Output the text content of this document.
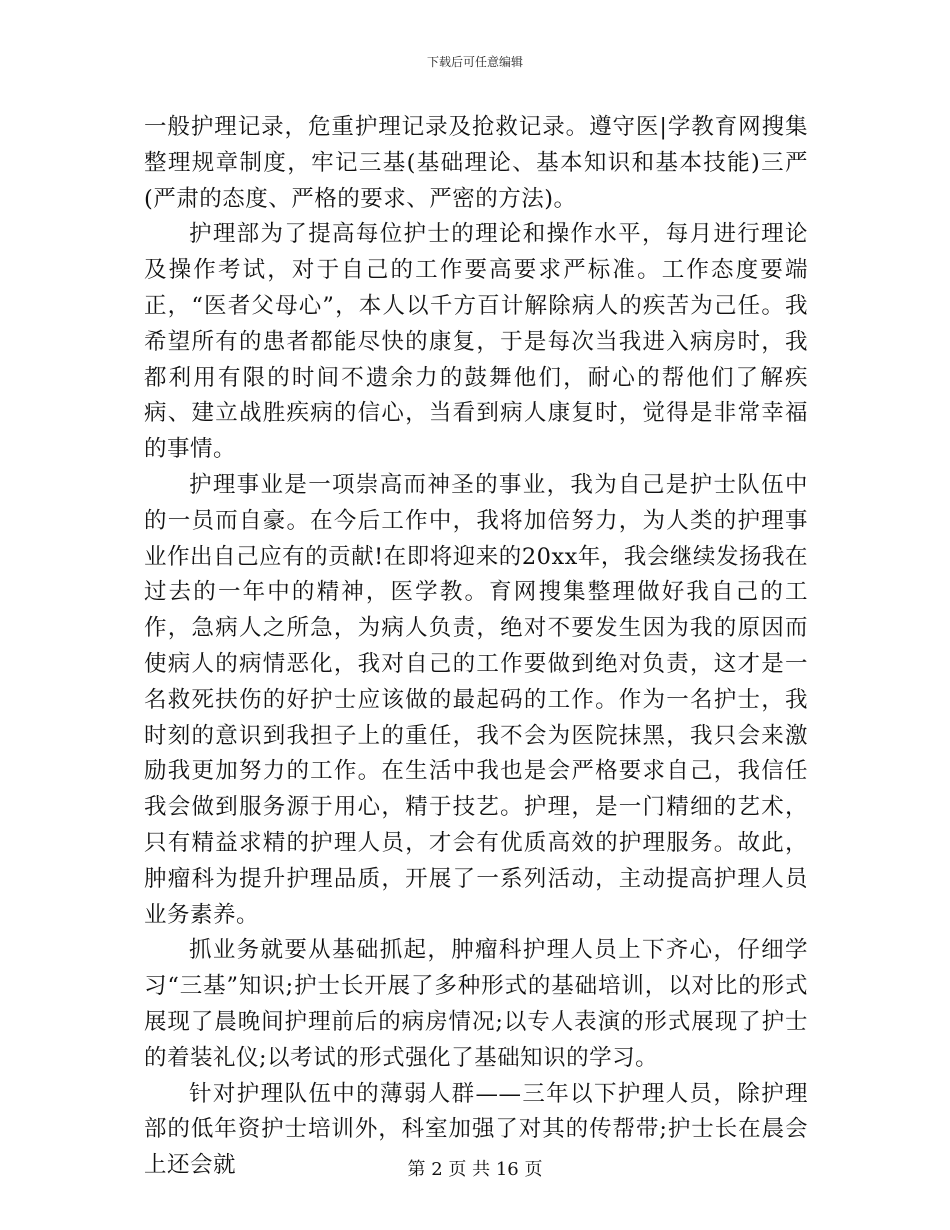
下载后可任意编辑

一般护理记录，危重护理记录及抢救记录。遵守医|学教育网搜集整理规章制度，牢记三基(基础理论、基本知识和基本技能)三严(严肃的态度、严格的要求、严密的方法)。

护理部为了提高每位护士的理论和操作水平，每月进行理论及操作考试，对于自己的工作要高要求严标准。工作态度要端正，“医者父母心”，本人以千方百计解除病人的疾苦为己任。我希望所有的患者都能尽快的康复，于是每次当我进入病房时，我都利用有限的时间不遗余力的鼓舞他们，耐心的帮他们了解疾病、建立战胜疾病的信心，当看到病人康复时，觉得是非常幸福的事情。

护理事业是一项崇高而神圣的事业，我为自己是护士队伍中的一员而自豪。在今后工作中，我将加倍努力，为人类的护理事业作出自己应有的贡献!在即将迎来的20xx年，我会继续发扬我在过去的一年中的精神，医学教。育网搜集整理做好我自己的工作，急病人之所急，为病人负责，绝对不要发生因为我的原因而使病人的病情恶化，我对自己的工作要做到绝对负责，这才是一名救死扶伤的好护士应该做的最起码的工作。作为一名护士，我时刻的意识到我担子上的重任，我不会为医院抹黑，我只会来激励我更加努力的工作。在生活中我也是会严格要求自己，我信任我会做到服务源于用心，精于技艺。护理，是一门精细的艺术，只有精益求精的护理人员，才会有优质高效的护理服务。故此，肿瘤科为提升护理品质，开展了一系列活动，主动提高护理人员业务素养。

抓业务就要从基础抓起，肿瘤科护理人员上下齐心，仔细学习“三基”知识;护士长开展了多种形式的基础培训，以对比的形式展现了晨晚间护理前后的病房情况;以专人表演的形式展现了护士的着装礼仪;以考试的形式强化了基础知识的学习。

针对护理队伍中的薄弱人群——三年以下护理人员，除护理部的低年资护士培训外，科室加强了对其的传帮带;护士长在晨会上还会就	第 2 页 共 16 页
